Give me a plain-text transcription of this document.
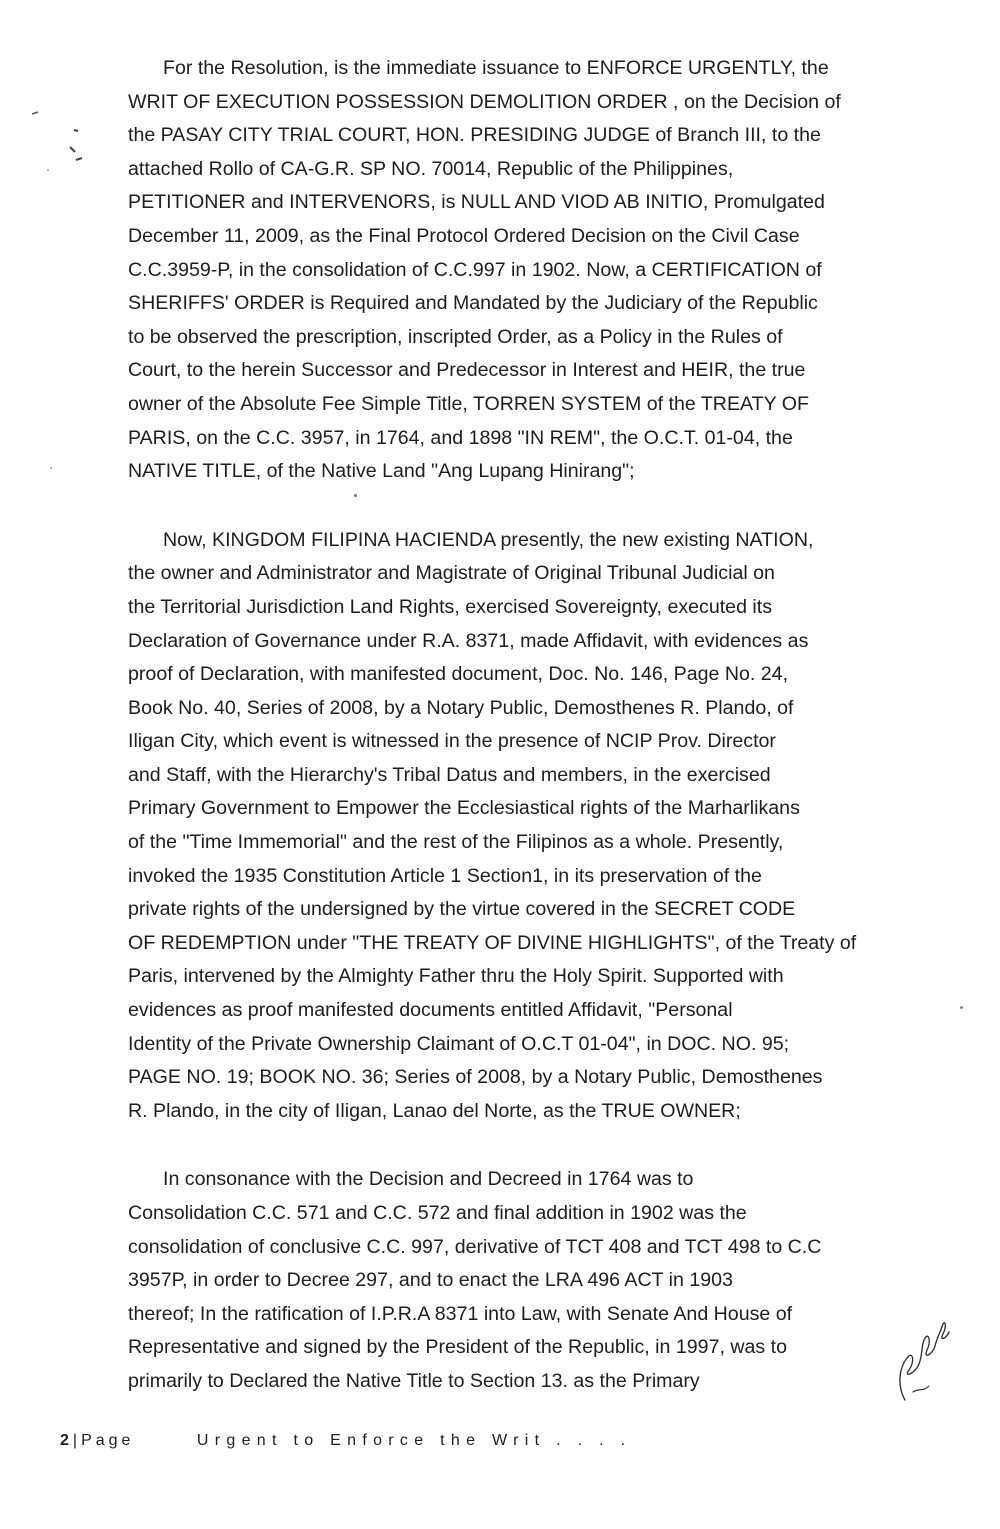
For the Resolution, is the immediate issuance to ENFORCE URGENTLY, the
WRIT OF EXECUTION POSSESSION DEMOLITION ORDER , on the Decision of
the PASAY CITY TRIAL COURT, HON. PRESIDING JUDGE of Branch III, to the
attached Rollo of CA-G.R. SP NO. 70014, Republic of the Philippines,
PETITIONER and INTERVENORS, is NULL AND VIOD AB INITIO, Promulgated
December 11, 2009, as the Final Protocol Ordered Decision on the Civil Case
C.C.3959-P, in the consolidation of C.C.997 in 1902. Now, a CERTIFICATION of
SHERIFFS' ORDER is Required and Mandated by the Judiciary of the Republic
to be observed the prescription, inscripted Order, as a Policy in the Rules of
Court, to the herein Successor and Predecessor in Interest and HEIR, the true
owner of the Absolute Fee Simple Title, TORREN SYSTEM of the TREATY OF
PARIS, on the C.C. 3957, in 1764, and 1898 "IN REM", the O.C.T. 01-04, the
NATIVE TITLE, of the Native Land "Ang Lupang Hinirang";
Now, KINGDOM FILIPINA HACIENDA presently, the new existing NATION,
the owner and Administrator and Magistrate of Original Tribunal Judicial on
the Territorial Jurisdiction Land Rights, exercised Sovereignty, executed its
Declaration of Governance under R.A. 8371, made Affidavit, with evidences as
proof of Declaration, with manifested document, Doc. No. 146, Page No. 24,
Book No. 40, Series of 2008, by a Notary Public, Demosthenes R. Plando, of
Iligan City, which event is witnessed in the presence of NCIP Prov. Director
and Staff, with the Hierarchy's Tribal Datus and members, in the exercised
Primary Government to Empower the Ecclesiastical rights of the Marharlikans
of the "Time Immemorial" and the rest of the Filipinos as a whole. Presently,
invoked the 1935 Constitution Article 1 Section1, in its preservation of the
private rights of the undersigned by the virtue covered in the SECRET CODE
OF REDEMPTION under "THE TREATY OF DIVINE HIGHLIGHTS", of the Treaty of
Paris, intervened by the Almighty Father thru the Holy Spirit. Supported with
evidences as proof manifested documents entitled Affidavit, "Personal
Identity of the Private Ownership Claimant of O.C.T 01-04", in DOC. NO. 95;
PAGE NO. 19; BOOK NO. 36; Series of 2008, by a Notary Public, Demosthenes
R. Plando, in the city of Iligan, Lanao del Norte, as the TRUE OWNER;
In consonance with the Decision and Decreed in 1764 was to
Consolidation C.C. 571 and C.C. 572 and final addition in 1902 was the
consolidation of conclusive C.C. 997, derivative of TCT 408 and TCT 498 to C.C
3957P, in order to Decree 297, and to enact the LRA 496 ACT in 1903
thereof; In the ratification of I.P.R.A 8371 into Law, with Senate And House of
Representative and signed by the President of the Republic, in 1997, was to
primarily to Declared the Native Title to Section 13. as the Primary
2 | Page	Urgent to Enforce the Writ . . . .
